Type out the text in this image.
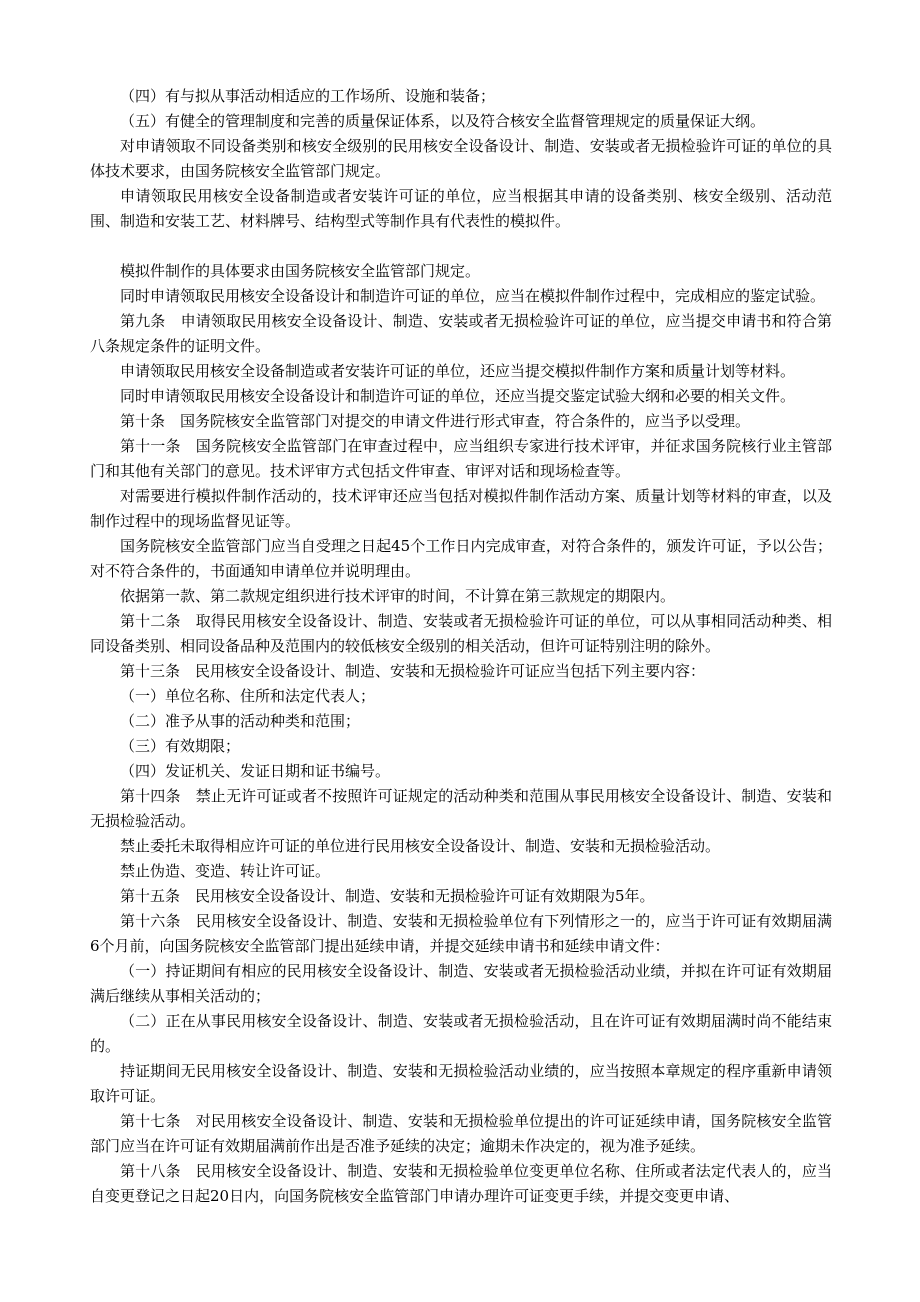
（四）有与拟从事活动相适应的工作场所、设施和装备；

（五）有健全的管理制度和完善的质量保证体系，以及符合核安全监督管理规定的质量保证大纲。

对申请领取不同设备类别和核安全级别的民用核安全设备设计、制造、安装或者无损检验许可证的单位的具体技术要求，由国务院核安全监管部门规定。

申请领取民用核安全设备制造或者安装许可证的单位，应当根据其申请的设备类别、核安全级别、活动范围、制造和安装工艺、材料牌号、结构型式等制作具有代表性的模拟件。

模拟件制作的具体要求由国务院核安全监管部门规定。

同时申请领取民用核安全设备设计和制造许可证的单位，应当在模拟件制作过程中，完成相应的鉴定试验。

第九条　申请领取民用核安全设备设计、制造、安装或者无损检验许可证的单位，应当提交申请书和符合第八条规定条件的证明文件。

申请领取民用核安全设备制造或者安装许可证的单位，还应当提交模拟件制作方案和质量计划等材料。

同时申请领取民用核安全设备设计和制造许可证的单位，还应当提交鉴定试验大纲和必要的相关文件。

第十条　国务院核安全监管部门对提交的申请文件进行形式审查，符合条件的，应当予以受理。

第十一条　国务院核安全监管部门在审查过程中，应当组织专家进行技术评审，并征求国务院核行业主管部门和其他有关部门的意见。技术评审方式包括文件审查、审评对话和现场检查等。

对需要进行模拟件制作活动的，技术评审还应当包括对模拟件制作活动方案、质量计划等材料的审查，以及制作过程中的现场监督见证等。

国务院核安全监管部门应当自受理之日起45个工作日内完成审查，对符合条件的，颁发许可证，予以公告；对不符合条件的，书面通知申请单位并说明理由。

依据第一款、第二款规定组织进行技术评审的时间，不计算在第三款规定的期限内。

第十二条　取得民用核安全设备设计、制造、安装或者无损检验许可证的单位，可以从事相同活动种类、相同设备类别、相同设备品种及范围内的较低核安全级别的相关活动，但许可证特别注明的除外。

第十三条　民用核安全设备设计、制造、安装和无损检验许可证应当包括下列主要内容：

（一）单位名称、住所和法定代表人；

（二）准予从事的活动种类和范围；

（三）有效期限；

（四）发证机关、发证日期和证书编号。

第十四条　禁止无许可证或者不按照许可证规定的活动种类和范围从事民用核安全设备设计、制造、安装和无损检验活动。

禁止委托未取得相应许可证的单位进行民用核安全设备设计、制造、安装和无损检验活动。

禁止伪造、变造、转让许可证。

第十五条　民用核安全设备设计、制造、安装和无损检验许可证有效期限为5年。

第十六条　民用核安全设备设计、制造、安装和无损检验单位有下列情形之一的，应当于许可证有效期届满6个月前，向国务院核安全监管部门提出延续申请，并提交延续申请书和延续申请文件：

（一）持证期间有相应的民用核安全设备设计、制造、安装或者无损检验活动业绩，并拟在许可证有效期届满后继续从事相关活动的；

（二）正在从事民用核安全设备设计、制造、安装或者无损检验活动，且在许可证有效期届满时尚不能结束的。

持证期间无民用核安全设备设计、制造、安装和无损检验活动业绩的，应当按照本章规定的程序重新申请领取许可证。

第十七条　对民用核安全设备设计、制造、安装和无损检验单位提出的许可证延续申请，国务院核安全监管部门应当在许可证有效期届满前作出是否准予延续的决定；逾期未作决定的，视为准予延续。

第十八条　民用核安全设备设计、制造、安装和无损检验单位变更单位名称、住所或者法定代表人的，应当自变更登记之日起20日内，向国务院核安全监管部门申请办理许可证变更手续，并提交变更申请、
